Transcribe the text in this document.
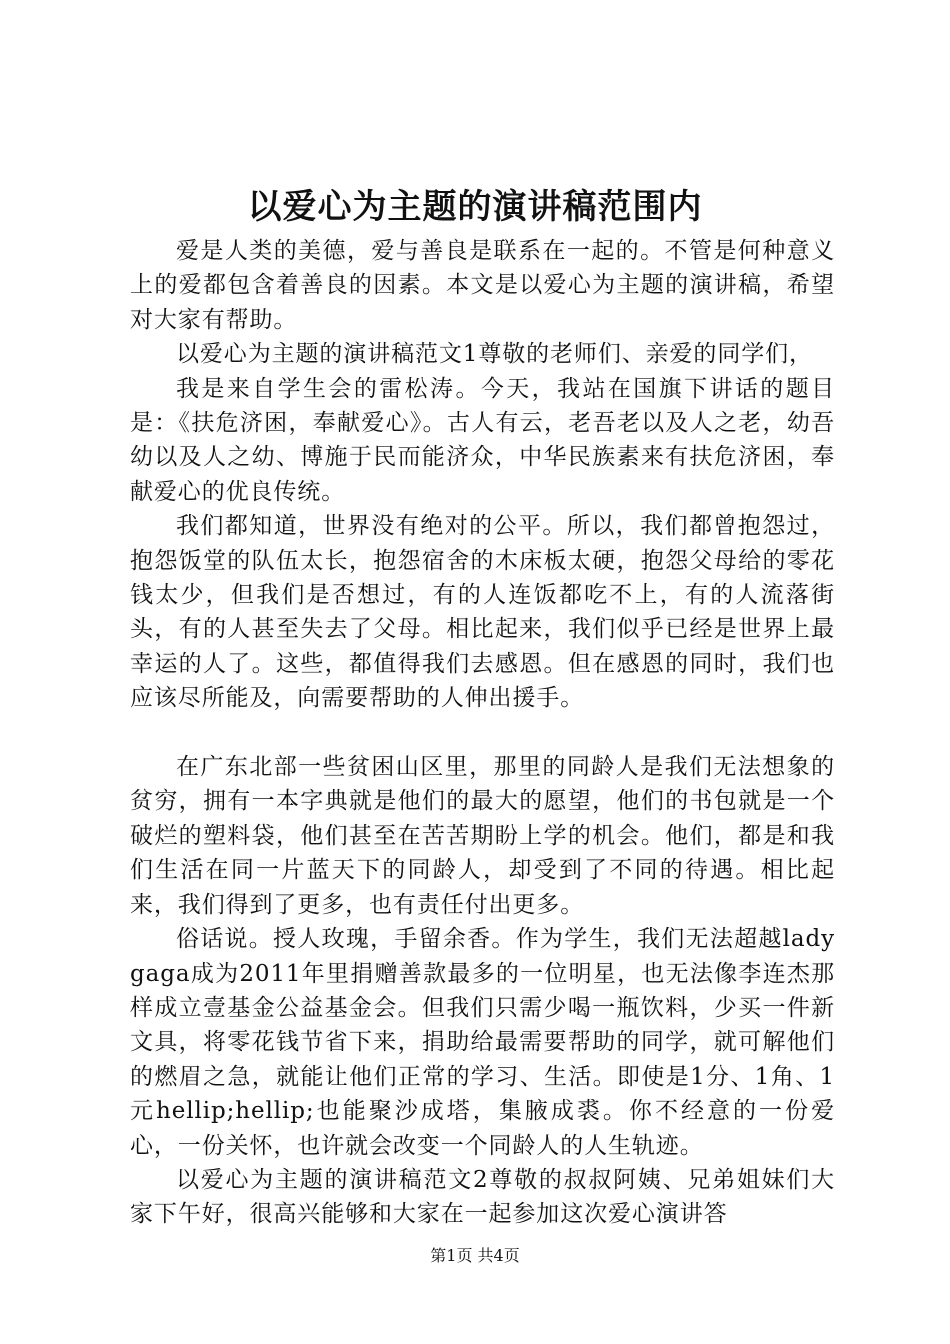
以爱心为主题的演讲稿范围内

爱是人类的美德，爱与善良是联系在一起的。不管是何种意义上的爱都包含着善良的因素。本文是以爱心为主题的演讲稿，希望对大家有帮助。

以爱心为主题的演讲稿范文1尊敬的老师们、亲爱的同学们，

我是来自学生会的雷松涛。今天，我站在国旗下讲话的题目是：《扶危济困，奉献爱心》。古人有云，老吾老以及人之老，幼吾幼以及人之幼、博施于民而能济众，中华民族素来有扶危济困，奉献爱心的优良传统。

我们都知道，世界没有绝对的公平。所以，我们都曾抱怨过，抱怨饭堂的队伍太长，抱怨宿舍的木床板太硬，抱怨父母给的零花钱太少，但我们是否想过，有的人连饭都吃不上，有的人流落街头，有的人甚至失去了父母。相比起来，我们似乎已经是世界上最幸运的人了。这些，都值得我们去感恩。但在感恩的同时，我们也应该尽所能及，向需要帮助的人伸出援手。

在广东北部一些贫困山区里，那里的同龄人是我们无法想象的贫穷，拥有一本字典就是他们的最大的愿望，他们的书包就是一个破烂的塑料袋，他们甚至在苦苦期盼上学的机会。他们，都是和我们生活在同一片蓝天下的同龄人，却受到了不同的待遇。相比起来，我们得到了更多，也有责任付出更多。

俗话说。授人玫瑰，手留余香。作为学生，我们无法超越ladygaga成为2011年里捐赠善款最多的一位明星，也无法像李连杰那样成立壹基金公益基金会。但我们只需少喝一瓶饮料，少买一件新文具，将零花钱节省下来，捐助给最需要帮助的同学，就可解他们的燃眉之急，就能让他们正常的学习、生活。即使是1分、1角、1元hellip;hellip;也能聚沙成塔，集腋成裘。你不经意的一份爱心，一份关怀，也许就会改变一个同龄人的人生轨迹。

以爱心为主题的演讲稿范文2尊敬的叔叔阿姨、兄弟姐妹们大家下午好，很高兴能够和大家在一起参加这次爱心演讲答

第1页 共4页
